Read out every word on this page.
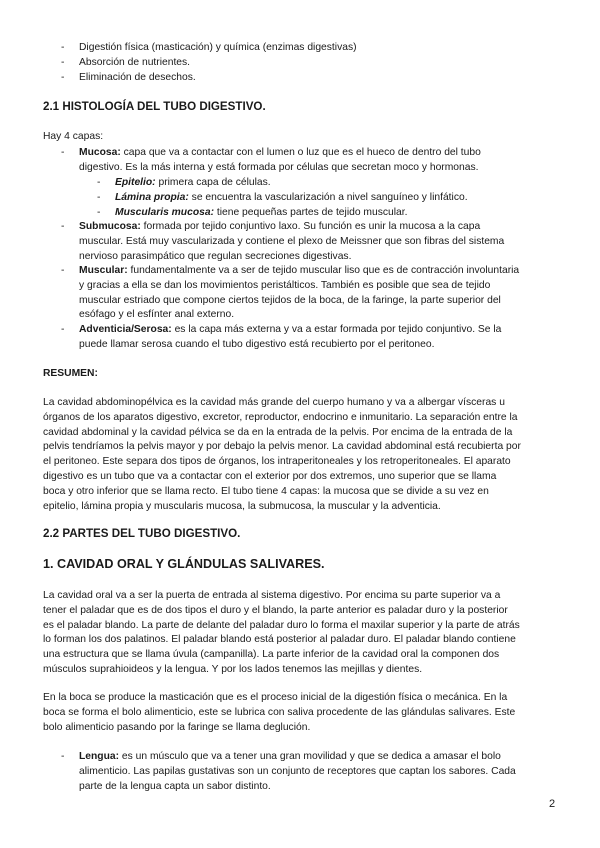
- Digestión física (masticación) y química (enzimas digestivas)
- Absorción de nutrientes.
- Eliminación de desechos.
2.1 HISTOLOGÍA DEL TUBO DIGESTIVO.
Hay 4 capas:
- Mucosa: capa que va a contactar con el lumen o luz que es el hueco de dentro del tubo
digestivo. Es la más interna y está formada por células que secretan moco y hormonas.
- Epitelio: primera capa de células.
- Lámina propia: se encuentra la vascularización a nivel sanguíneo y linfático.
- Muscularis mucosa: tiene pequeñas partes de tejido muscular.
- Submucosa: formada por tejido conjuntivo laxo. Su función es unir la mucosa a la capa
muscular. Está muy vascularizada y contiene el plexo de Meissner que son fibras del sistema
nervioso parasimpático que regulan secreciones digestivas.
- Muscular: fundamentalmente va a ser de tejido muscular liso que es de contracción involuntaria
y gracias a ella se dan los movimientos peristálticos. También es posible que sea de tejido
muscular estriado que compone ciertos tejidos de la boca, de la faringe, la parte superior del
esófago y el esfínter anal externo.
- Adventicia/Serosa: es la capa más externa y va a estar formada por tejido conjuntivo. Se la
puede llamar serosa cuando el tubo digestivo está recubierto por el peritoneo.
RESUMEN:
La cavidad abdominopélvica es la cavidad más grande del cuerpo humano y va a albergar vísceras u
órganos de los aparatos digestivo, excretor, reproductor, endocrino e inmunitario. La separación entre la
cavidad abdominal y la cavidad pélvica se da en la entrada de la pelvis. Por encima de la entrada de la
pelvis tendríamos la pelvis mayor y por debajo la pelvis menor. La cavidad abdominal está recubierta por
el peritoneo. Este separa dos tipos de órganos, los intraperitoneales y los retroperitoneales. El aparato
digestivo es un tubo que va a contactar con el exterior por dos extremos, uno superior que se llama
boca y otro inferior que se llama recto. El tubo tiene 4 capas: la mucosa que se divide a su vez en
epitelio, lámina propia y muscularis mucosa, la submucosa, la muscular y la adventicia.
2.2 PARTES DEL TUBO DIGESTIVO.
1. CAVIDAD ORAL Y GLÁNDULAS SALIVARES.
La cavidad oral va a ser la puerta de entrada al sistema digestivo. Por encima su parte superior va a
tener el paladar que es de dos tipos el duro y el blando, la parte anterior es paladar duro y la posterior
es el paladar blando. La parte de delante del paladar duro lo forma el maxilar superior y la parte de atrás
lo forman los dos palatinos. El paladar blando está posterior al paladar duro. El paladar blando contiene
una estructura que se llama úvula (campanilla). La parte inferior de la cavidad oral la componen dos
músculos suprahioideos y la lengua. Y por los lados tenemos las mejillas y dientes.
En la boca se produce la masticación que es el proceso inicial de la digestión física o mecánica. En la
boca se forma el bolo alimenticio, este se lubrica con saliva procedente de las glándulas salivares. Este
bolo alimenticio pasando por la faringe se llama deglución.
- Lengua: es un músculo que va a tener una gran movilidad y que se dedica a amasar el bolo
alimenticio. Las papilas gustativas son un conjunto de receptores que captan los sabores. Cada
parte de la lengua capta un sabor distinto.
2
